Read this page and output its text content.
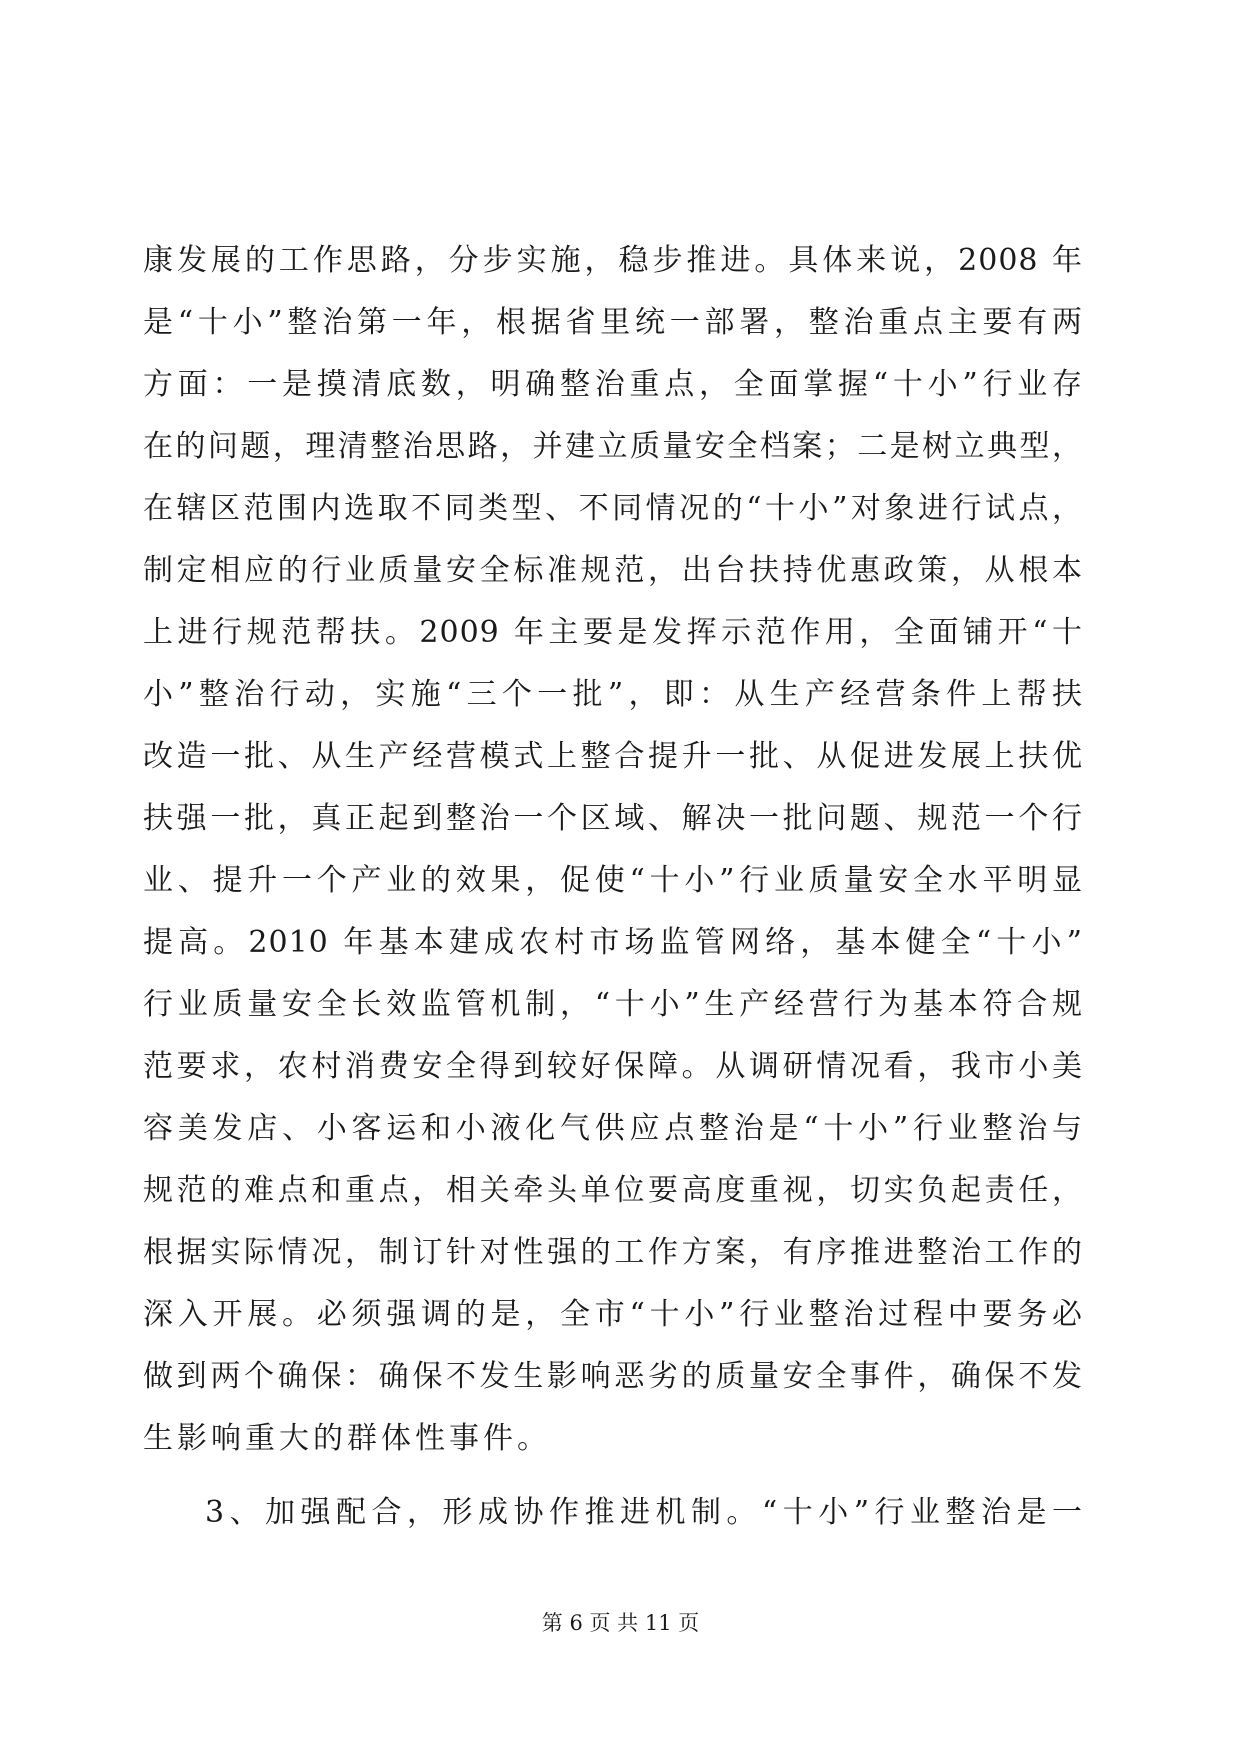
康发展的工作思路，分步实施，稳步推进。具体来说，2008 年
是“十小”整治第一年，根据省里统一部署，整治重点主要有两
方面：一是摸清底数，明确整治重点，全面掌握“十小”行业存
在的问题，理清整治思路，并建立质量安全档案；二是树立典型，
在辖区范围内选取不同类型、不同情况的“十小”对象进行试点，
制定相应的行业质量安全标准规范，出台扶持优惠政策，从根本
上进行规范帮扶。2009 年主要是发挥示范作用，全面铺开“十
小”整治行动，实施“三个一批”，即：从生产经营条件上帮扶
改造一批、从生产经营模式上整合提升一批、从促进发展上扶优
扶强一批，真正起到整治一个区域、解决一批问题、规范一个行
业、提升一个产业的效果，促使“十小”行业质量安全水平明显
提高。2010 年基本建成农村市场监管网络，基本健全“十小”
行业质量安全长效监管机制，“十小”生产经营行为基本符合规
范要求，农村消费安全得到较好保障。从调研情况看，我市小美
容美发店、小客运和小液化气供应点整治是“十小”行业整治与
规范的难点和重点，相关牵头单位要高度重视，切实负起责任，
根据实际情况，制订针对性强的工作方案，有序推进整治工作的
深入开展。必须强调的是，全市“十小”行业整治过程中要务必
做到两个确保：确保不发生影响恶劣的质量安全事件，确保不发
生影响重大的群体性事件。
3、加强配合，形成协作推进机制。“十小”行业整治是一
第 6 页 共 11 页
